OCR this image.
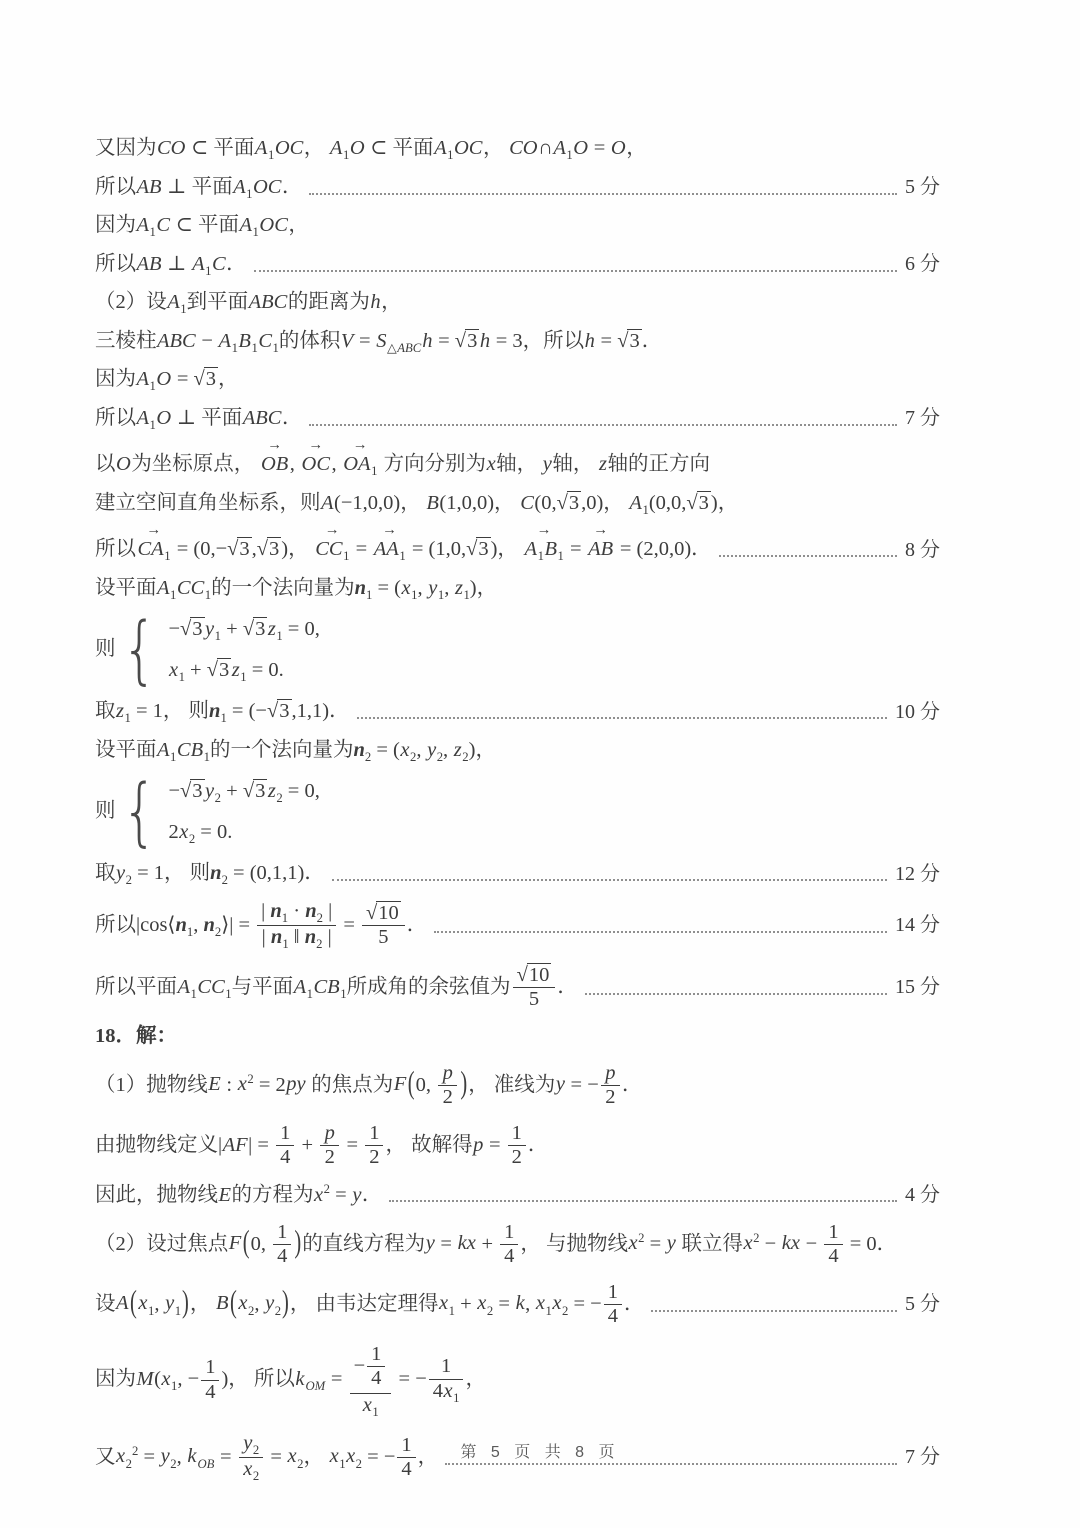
又因为CO ⊂ 平面$A_1OC$， $A_1O$ ⊂ 平面$A_1OC$， $CO\cap A_1O = O$，
所以AB ⊥ 平面$A_1OC$．	5 分
因为$A_1C$ ⊂ 平面$A_1OC$，
所以AB ⊥ $A_1C$．	6 分
（2）设$A_1$到平面ABC的距离为h，
三棱柱ABC − $A_1B_1C_1$的体积$V = S_{\triangle ABC}h = √3$ h = 3，所以h = √3．
因为$A_1O = √3$，
所以$A_1O$ ⊥ 平面ABC．	7 分
以O为坐标原点， OB →, OC →, $OA_1$ → 方向分别为x轴， y轴， z轴的正方向
建立空间直角坐标系，则A(−1,0,0)， B(1,0,0)， C(0,√3,0)， $A_1(0,0,√3)$，
所以$CA_1$ → = (0,−√3,√3)， $CC_1$ → = $AA_1$ → = (1,0,√3)， $A_1B_1$ → = AB → = (2,0,0)．	8 分
设平面$A_1CC_1$的一个法向量为$n_1 = (x_1$, $y_1$, $z_1$)，
则 { −√3 $y_1 + √3$ $z_1 = 0$,
$x_1 + √3$ $z_1 = 0$.
取$z_1 = 1$， 则$n_1 = (-√3,1,1)$．	10 分
设平面$A_1CB_1$的一个法向量为$n_2 = (x_2$, $y_2$, $z_2$)，
则 { −√3 $y_2 + √3$ $z_2 = 0$,
$2x_2 = 0$.
取$y_2 = 1$， 则$n_2 = (0,1,1)$．	12 分
所以$|\cos⟨n_1$, $n_2⟩| = \frac{| n_1 \cdot n_2 |}{| n_1 ‖ n_2 |} = \frac{√10}{5}$ ．	14 分
所以平面$A_1CC_1$与平面$A_1CB_1$所成角的余弦值为 $\frac{√10}{5}$ ．	15 分
18．解：
（1）抛物线E : $x^2 = 2py$ 的焦点为F(0, $\frac{p}{2}$ )， 准线为y = − $\frac{p}{2}$ ．
由抛物线定义$|AF| = \frac{1}{4} + \frac{p}{2} = \frac{1}{2}$ ， 故解得$p = \frac{1}{2}$ ．
因此，抛物线E的方程为$x^2 = y$．	4 分
（2）设过焦点F(0, $\frac{1}{4}$ )的直线方程为y = kx + $\frac{1}{4}$ ， 与抛物线$x^2 = y$ 联立得$x^2$ − kx − $\frac{1}{4} = 0$．
设$A(x_1$, $y_1$)， $B(x_2$, $y_2$)， 由韦达定理得$x_1 + x_2 = k$, $x_1x_2$ = − $\frac{1}{4}$ ．	5 分
因为$M(x_1$, − $\frac{1}{4}$ )， 所以$k_{OM} = \frac{- \frac{1}{4}}{x_1}$ = − $\frac{1}{4x_1}$ ，
又$x_2^2 = y_2$, $k_{OB} = \frac{y_2}{x_2} = x_2$， $x_1x_2$ = − $\frac{1}{4}$ ，	7 分
第 5 页 共 8 页
